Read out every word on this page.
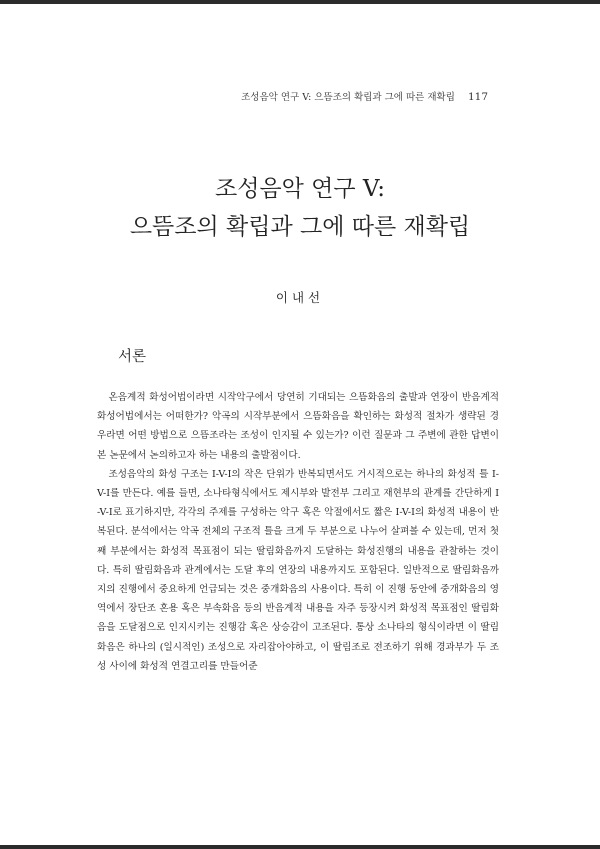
조성음악 연구 V: 으뜸조의 확립과 그에 따른 재확립 117
조성음악 연구 V:
으뜸조의 확립과 그에 따른 재확립
이내선
서론

온음계적 화성어법이라면 시작악구에서 당연히 기대되는 으뜸화음의 출발과 연장이 반음계적 화성어법에서는 어떠한가? 악곡의 시작부분에서 으뜸화음을 확인하는 화성적 절차가 생략된 경우라면 어떤 방법으로 으뜸조라는 조성이 인지될 수 있는가? 이런 질문과 그 주변에 관한 답변이 본 논문에서 논의하고자 하는 내용의 출발점이다.

조성음악의 화성 구조는 I-V-I의 작은 단위가 반복되면서도 거시적으로는 하나의 화성적 틀 I-V-I를 만든다. 예를 들면, 소나타형식에서도 제시부와 발전부 그리고 재현부의 관계를 간단하게 I-V-I로 표기하지만, 각각의 주제를 구성하는 악구 혹은 악절에서도 짧은 I-V-I의 화성적 내용이 반복된다. 분석에서는 악곡 전체의 구조적 틀을 크게 두 부분으로 나누어 살펴볼 수 있는데, 먼저 첫째 부분에서는 화성적 목표점이 되는 딸림화음까지 도달하는 화성진행의 내용을 관찰하는 것이다. 특히 딸림화음과 관계에서는 도달 후의 연장의 내용까지도 포함된다. 일반적으로 딸림화음까지의 진행에서 중요하게 언급되는 것은 중개화음의 사용이다. 특히 이 진행 동안에 중개화음의 영역에서 장단조 혼용 혹은 부속화음 등의 반음계적 내용을 자주 등장시켜 화성적 목표점인 딸림화음을 도달점으로 인지시키는 진행감 혹은 상승감이 고조된다. 통상 소나타의 형식이라면 이 딸림화음은 하나의 (일시적인) 조성으로 자리잡아야하고, 이 딸림조로 전조하기 위해 경과부가 두 조성 사이에 화성적 연결고리를 만들어준
